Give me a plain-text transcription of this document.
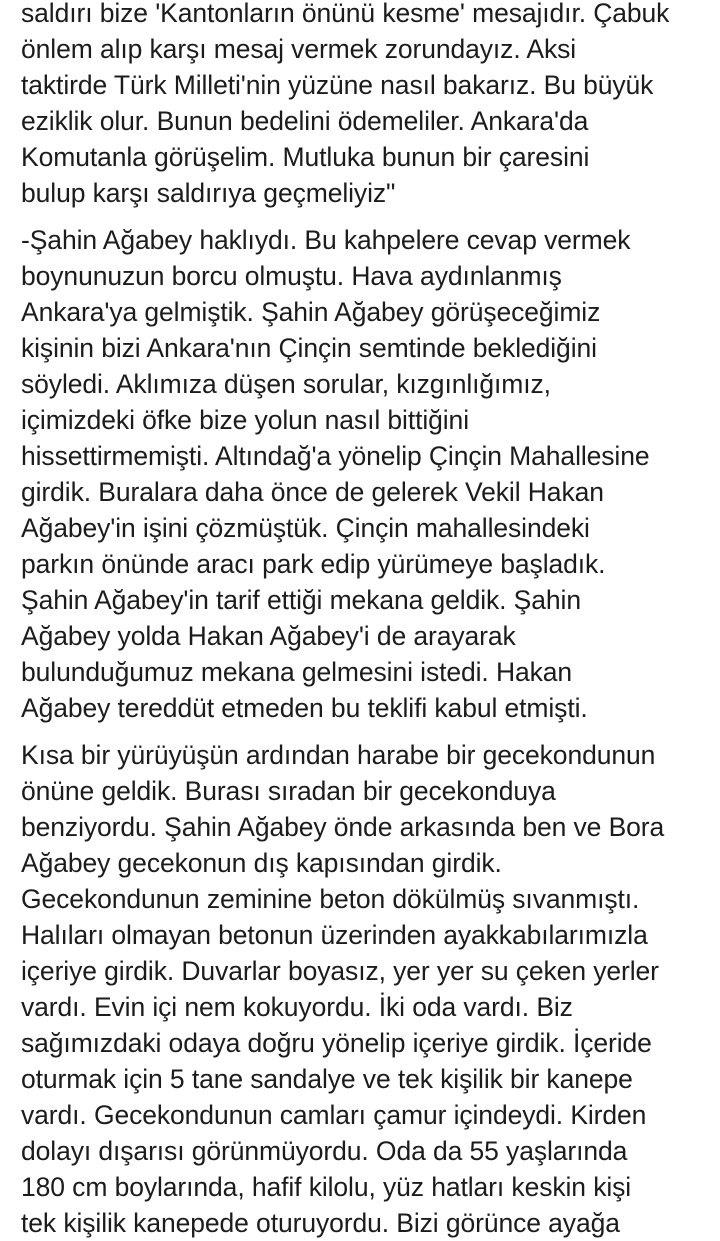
saldırı bize 'Kantonların önünü kesme' mesajıdır. Çabuk
önlem alıp karşı mesaj vermek zorundayız. Aksi
taktirde Türk Milleti'nin yüzüne nasıl bakarız. Bu büyük
eziklik olur. Bunun bedelini ödemeliler. Ankara'da
Komutanla görüşelim. Mutluka bunun bir çaresini
bulup karşı saldırıya geçmeliyiz"
-Şahin Ağabey haklıydı. Bu kahpelere cevap vermek
boynunuzun borcu olmuştu. Hava aydınlanmış
Ankara'ya gelmiştik. Şahin Ağabey görüşeceğimiz
kişinin bizi Ankara'nın Çinçin semtinde beklediğini
söyledi. Aklımıza düşen sorular, kızgınlığımız,
içimizdeki öfke bize yolun nasıl bittiğini
hissettirmemişti. Altındağ'a yönelip Çinçin Mahallesine
girdik. Buralara daha önce de gelerek Vekil Hakan
Ağabey'in işini çözmüştük. Çinçin mahallesindeki
parkın önünde aracı park edip yürümeye başladık.
Şahin Ağabey'in tarif ettiği mekana geldik. Şahin
Ağabey yolda Hakan Ağabey'i de arayarak
bulunduğumuz mekana gelmesini istedi. Hakan
Ağabey tereddüt etmeden bu teklifi kabul etmişti.
Kısa bir yürüyüşün ardından harabe bir gecekondunun
önüne geldik. Burası sıradan bir gecekonduya
benziyordu. Şahin Ağabey önde arkasında ben ve Bora
Ağabey gecekonun dış kapısından girdik.
Gecekondunun zeminine beton dökülmüş sıvanmıştı.
Halıları olmayan betonun üzerinden ayakkabılarımızla
içeriye girdik. Duvarlar boyasız, yer yer su çeken yerler
vardı. Evin içi nem kokuyordu. İki oda vardı. Biz
sağımızdaki odaya doğru yönelip içeriye girdik. İçeride
oturmak için 5 tane sandalye ve tek kişilik bir kanepe
vardı. Gecekondunun camları çamur içindeydi. Kirden
dolayı dışarısı görünmüyordu. Oda da 55 yaşlarında
180 cm boylarında, hafif kilolu, yüz hatları keskin kişi
tek kişilik kanepede oturuyordu. Bizi görünce ayağa
